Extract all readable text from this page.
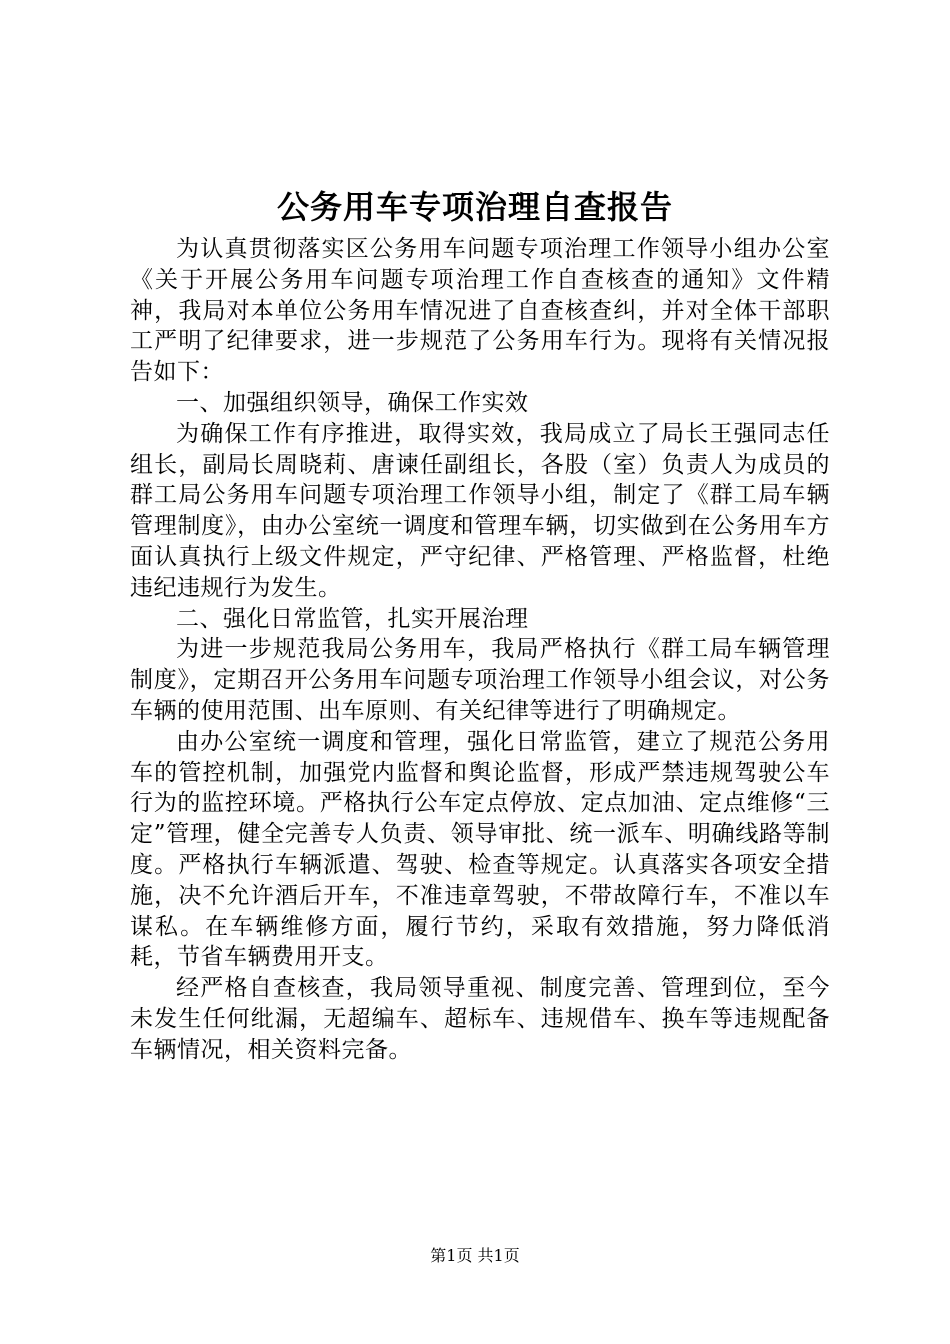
公务用车专项治理自查报告

为认真贯彻落实区公务用车问题专项治理工作领导小组办公室《关于开展公务用车问题专项治理工作自查核查的通知》文件精神，我局对本单位公务用车情况进了自查核查纠，并对全体干部职工严明了纪律要求，进一步规范了公务用车行为。现将有关情况报告如下：

一、加强组织领导，确保工作实效

为确保工作有序推进，取得实效，我局成立了局长王强同志任组长，副局长周晓莉、唐谏任副组长，各股（室）负责人为成员的群工局公务用车问题专项治理工作领导小组，制定了《群工局车辆管理制度》，由办公室统一调度和管理车辆，切实做到在公务用车方面认真执行上级文件规定，严守纪律、严格管理、严格监督，杜绝违纪违规行为发生。

二、强化日常监管，扎实开展治理

为进一步规范我局公务用车，我局严格执行《群工局车辆管理制度》，定期召开公务用车问题专项治理工作领导小组会议，对公务车辆的使用范围、出车原则、有关纪律等进行了明确规定。

由办公室统一调度和管理，强化日常监管，建立了规范公务用车的管控机制，加强党内监督和舆论监督，形成严禁违规驾驶公车行为的监控环境。严格执行公车定点停放、定点加油、定点维修“三定”管理，健全完善专人负责、领导审批、统一派车、明确线路等制度。严格执行车辆派遣、驾驶、检查等规定。认真落实各项安全措施，决不允许酒后开车，不准违章驾驶，不带故障行车，不准以车谋私。在车辆维修方面，履行节约，采取有效措施，努力降低消耗，节省车辆费用开支。

经严格自查核查，我局领导重视、制度完善、管理到位，至今未发生任何纰漏，无超编车、超标车、违规借车、换车等违规配备车辆情况，相关资料完备。

第1页 共1页
